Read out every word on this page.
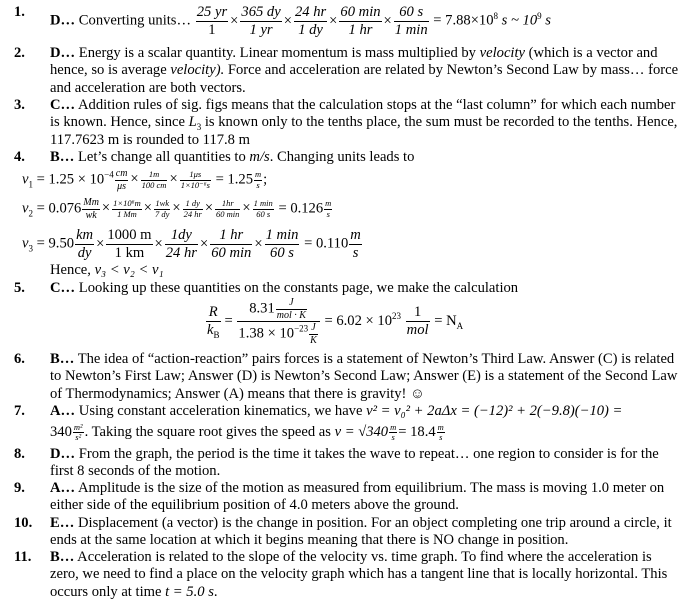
1.
D… Converting units… $\frac{25 yr}{1} \times \frac{365 dy}{1 yr} \times \frac{24 hr}{1 dy} \times \frac{60 \min}{1 hr} \times \frac{60 s}{1 \min} = 7.88\times 10^8$ s ~ $10^9$ s
2. D… Energy is a scalar quantity. Linear momentum is mass multiplied by velocity (which is a vector and hence, so is average velocity). Force and acceleration are related by Newton’s Second Law by mass… force and acceleration are both vectors.
3. C… Addition rules of sig. figs means that the calculation stops at the “last column” for which each number is known. Hence, since $L_3$ is known only to the tenths place, the sum must be recorded to the tenths. Hence, 117.7623 m is rounded to 117.8 m
4. B… Let’s change all quantities to m/s. Changing units leads to
$v_1 = 1.25 \times 10^{-4} \frac{cm}{\mu s} \times \frac{1m}{100 cm} \times \frac{1\mu s}{\text{1×10⁻⁶s}} = 1.25 \frac{m}{s}$ ;
$v_2 = 0.076 \frac{Mm}{wk} \times \frac{\text{1×10⁶m}}{1 Mm} \times \frac{1wk}{7 dy} \times \frac{1 dy}{24 hr} \times \frac{1hr}{60 \min} \times \frac{1 \min}{60 s} = 0.126 \frac{m}{s}$
$v_3 = 9.50 \frac{km}{dy} \times \frac{1000 m}{1 km} \times \frac{1dy}{24 hr} \times \frac{1 hr}{60 \min} \times \frac{1 \min}{60 s} = 0.110 \frac{m}{s}$
Hence, v₃ < v₂ < v₁
5. C… Looking up these quantities on the constants page, we make the calculation
$\frac{R}{k_B} = \frac{8.31 \frac{J}{\text{mol · K}}}{1.38 \times 10^{-23} \frac{J}{K}} = 6.02 \times 10^{23} \frac{1}{\text{mol}} = N_A$
6. B… The idea of “action-reaction” pairs forces is a statement of Newton’s Third Law. Answer (C) is related to Newton’s First Law; Answer (D) is Newton’s Second Law; Answer (E) is a statement of the Second Law of Thermodynamics; Answer (A) means that there is gravity! ☺
7. A… Using constant acceleration kinematics, we have v² = v₀² + 2aΔx = (−12)² + 2(−9.8)(−10) =
$340 \frac{\text{m²}}{\text{s²}}$ . Taking the square root gives the speed as $v = √340 \frac{m}{s} = 18.4 \frac{m}{s}$
8. D… From the graph, the period is the time it takes the wave to repeat… one region to consider is for the first 8 seconds of the motion.
9. A… Amplitude is the size of the motion as measured from equilibrium. The mass is moving 1.0 meter on either side of the equilibrium position of 4.0 meters above the ground.
10. E… Displacement (a vector) is the change in position. For an object completing one trip around a circle, it ends at the same location at which it begins meaning that there is NO change in position.
11. B… Acceleration is related to the slope of the velocity vs. time graph. To find where the acceleration is zero, we need to find a place on the velocity graph which has a tangent line that is locally horizontal. This occurs only at time t = 5.0 s.
